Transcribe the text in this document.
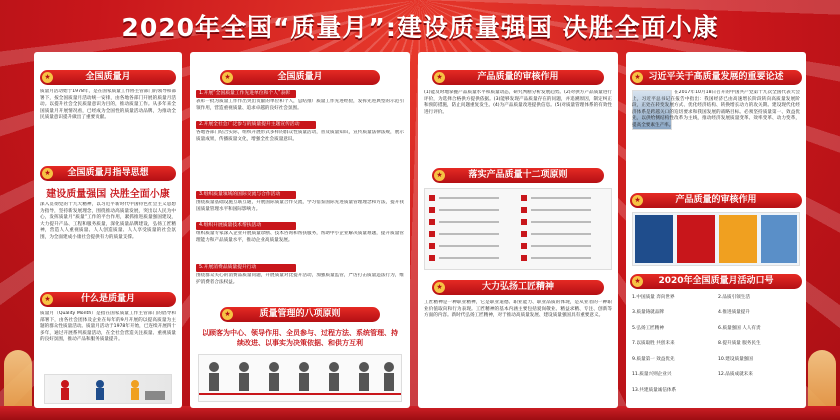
2020年全国“质量月”:建设质量强国 决胜全面小康
★	全国质量月
质量月活动始于1978年，是在国家质量工作协主管部门的领导和部署下，按全国质量月活动统一安排，由各地各部门开展的质量月活动。以提升社会全民质量意识为目的，推动质量工作。从多年来全国质量月开展情况看，已经成为全国性的质量活动品牌，为推动全民质量意识提升做出了重要贡献。
★ 全国质量月指导思想
建设质量强国 决胜全面小康
深入贯彻党的十九大精神，以习近平新时代中国特色社会主义思想为指导，坚持新发展理念，围绕推动高质量发展，突出以人民为中心，发挥质量月“质量”工作的平台作用，紧抓推进质量强国建设，大力提升产品、工程和服务质量，深化质量品牌建设，弘扬工匠精神，营造人人重视质量、人人创造质量、人人享受质量的社会氛围，为全面建成小康社会提供有力的质量支撑。
★	什么是质量月
质量月（Quality Month）是指在国家质量工作主管部门的倡导和部署下，由各社会团体及企业在每年的9月开展的以提高质量为主题的群众性质量活动。质量月活动于1978年开始，已连续开展四十多年，通过开展系列质量活动，在全社会营造关注质量、重视质量的良好氛围，推动产品和服务质量提升。
★	全国质量月
1.开展“全国质量工作先进单位和个人”表彰
表彰一批为质量工作作出突出贡献的单位和个人，总结推广质量工作先进经验，发挥先进典型的示范引领作用，营造重视质量、追求卓越的良好社会氛围。
2.开展全社会广泛参与的质量提升主题宣传活动
各地各部门结合实际，组织开展形式多样的群众性质量活动，普及质量知识，宣传质量法律法规，展示质量成果，传播质量文化，增强全社会质量意识。
3.组织质量领域的国际交流与合作活动
围绕质量基础设施互联互通，开展国际质量合作交流，学习借鉴国际先进质量管理理念和方法，提升我国质量管理水平和国际影响力。
4.组织开展质量技术帮扶活动
组织质量专家深入企业开展质量诊断、技术咨询和帮扶服务，帮助中小企业解决质量难题，提升质量管理能力和产品质量水平，推动企业高质量发展。
5.开展消费品质量提升行动
围绕群众关心的消费品质量问题，开展质量对比提升活动，加强质量监管，严厉打击质量违法行为，维护消费者合法权益。
★	质量管理的八项原则
以顾客为中心、领导作用、全员参与、过程方法、系统管理、持续改进、以事实为决策依据、和供方互利
★	产品质量的审核作用
(1)能及时地掌握产品质量水平和质量动态，研究判断分析发展趋势。(2)对供方产品质量进行评价，为选择合格供方提供依据。(3)能够发现产品质量存在的问题，并追溯原因，制定纠正和预防措施，防止问题重复发生。(4)为产品质量改进提供信息。(5)对质量管理体系的有效性进行评价。
★	落实产品质量十二项原则
★	大力弘扬工匠精神
工匠精神是一种职业精神，它是职业道德、职业能力、职业品质的体现，是从业者的一种职业价值取向和行为表现。工匠精神的基本内涵主要包括爱岗敬业、精益求精、专注、创新等方面的内容。新时代弘扬工匠精神，对于推动高质量发展、建设质量强国具有重要意义。
★ 习近平关于高质量发展的重要论述
在2017年10月18日召开的中国共产党第十九次全国代表大会上，习近平总书记在报告中指出：我国经济已由高速增长阶段转向高质量发展阶段，正处在转变发展方式、优化经济结构、转换增长动力的攻关期。建设现代化经济体系是跨越关口的迫切要求和我国发展的战略目标。必须坚持质量第一、效益优先，以供给侧结构性改革为主线，推动经济发展质量变革、效率变革、动力变革，提高全要素生产率。
★	产品质量的审核作用
★ 2020年全国质量月活动口号
1.中国质量 奔向世界	2.品质引领生活
3.质量铸就品牌	4.推进质量提升
5.弘扬工匠精神	6.质量强国 人人有责
7.以质取胜 共创未来	8.提升质量 服务民生
9.质量第一 效益优先	10.建设质量强国
11.质量兴则企业兴	12.品质成就未来
13.共建质量诚信体系
